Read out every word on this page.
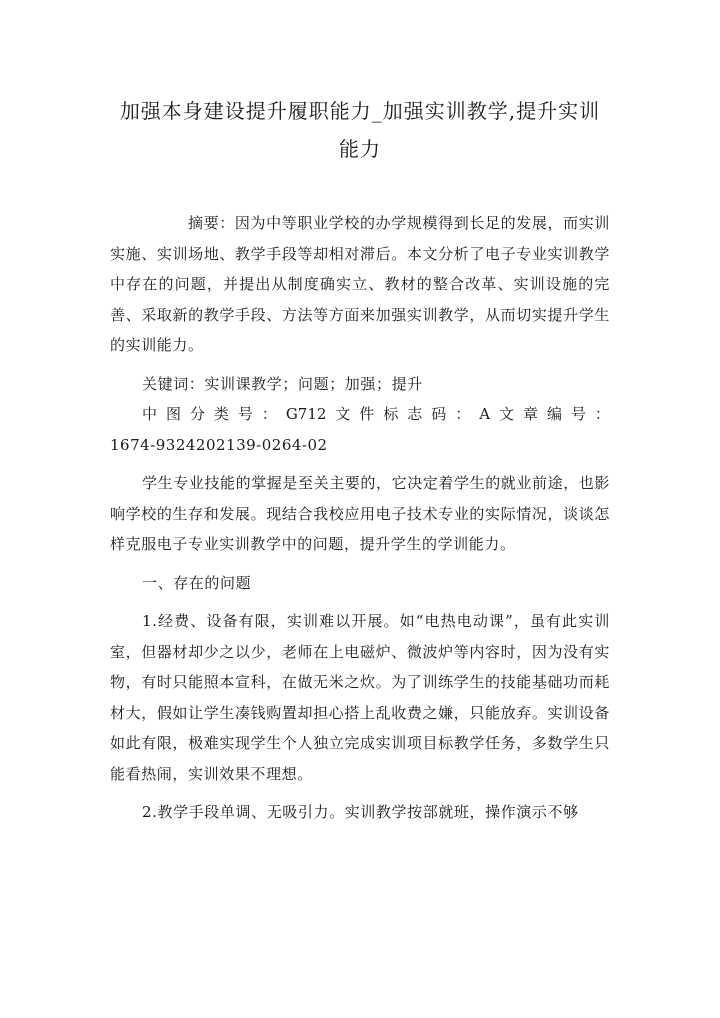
加强本身建设提升履职能力_加强实训教学,提升实训能力

摘要：因为中等职业学校的办学规模得到长足的发展，而实训实施、实训场地、教学手段等却相对滞后。本文分析了电子专业实训教学中存在的问题，并提出从制度确实立、教材的整合改革、实训设施的完善、采取新的教学手段、方法等方面来加强实训教学，从而切实提升学生的实训能力。

关键词：实训课教学；问题；加强；提升

中 图 分 类 号 ： G712 文 件 标 志 码 ： A 文 章 编 号 ：

1674-9324202139-0264-02

学生专业技能的掌握是至关主要的，它决定着学生的就业前途，也影响学校的生存和发展。现结合我校应用电子技术专业的实际情况，谈谈怎样克服电子专业实训教学中的问题，提升学生的学训能力。

一、存在的问题

1.经费、设备有限，实训难以开展。如“电热电动课”，虽有此实训室，但器材却少之以少，老师在上电磁炉、微波炉等内容时，因为没有实物，有时只能照本宣科，在做无米之炊。为了训练学生的技能基础功而耗材大，假如让学生凑钱购置却担心搭上乱收费之嫌，只能放弃。实训设备如此有限，极难实现学生个人独立完成实训项目标教学任务，多数学生只能看热闹，实训效果不理想。

2.教学手段单调、无吸引力。实训教学按部就班，操作演示不够
